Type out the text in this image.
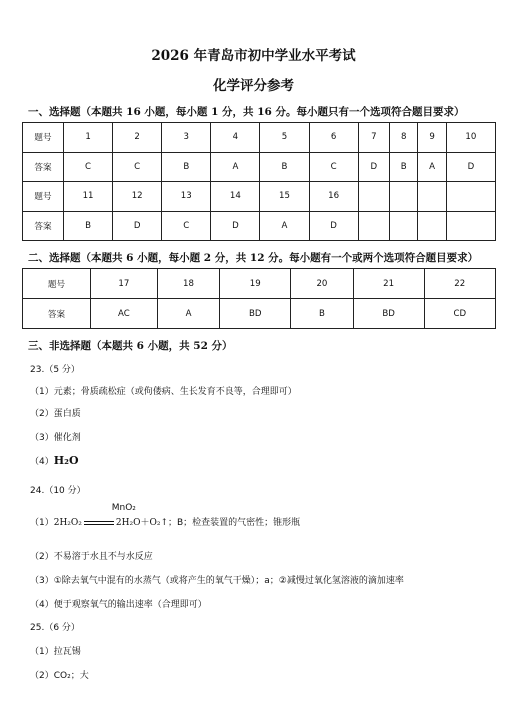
2026 年青岛市初中学业水平考试
化学评分参考
一、选择题（本题共 16 小题，每小题 1 分，共 16 分。每小题只有一个选项符合题目要求）
题号	1	2	3	4	5	6	7	8	9	10
答案	C	C	B	A	B	C	D	B	A	D
题号	11	12	13	14	15	16				
答案	B	D	C	D	A	D				
二、选择题（本题共 6 小题，每小题 2 分，共 12 分。每小题有一个或两个选项符合题目要求）
题号	17	18	19	20	21	22
答案	AC	A	BD	B	BD	CD
三、非选择题（本题共 6 小题，共 52 分）
23.（5 分）
（1）元素；骨质疏松症（或佝偻病、生长发育不良等，合理即可）
（2）蛋白质
（3）催化剂
（4）H₂O
24.（10 分）
（1）
MnO₂
2H₂O₂	2H₂O＋O₂↑；B；检查装置的气密性；锥形瓶
（2）不易溶于水且不与水反应
（3）①除去氧气中混有的水蒸气（或将产生的氧气干燥）；a；②减慢过氧化氢溶液的滴加速率
（4）便于观察氧气的输出速率（合理即可）
25.（6 分）
（1）拉瓦锡
（2）CO₂；大
